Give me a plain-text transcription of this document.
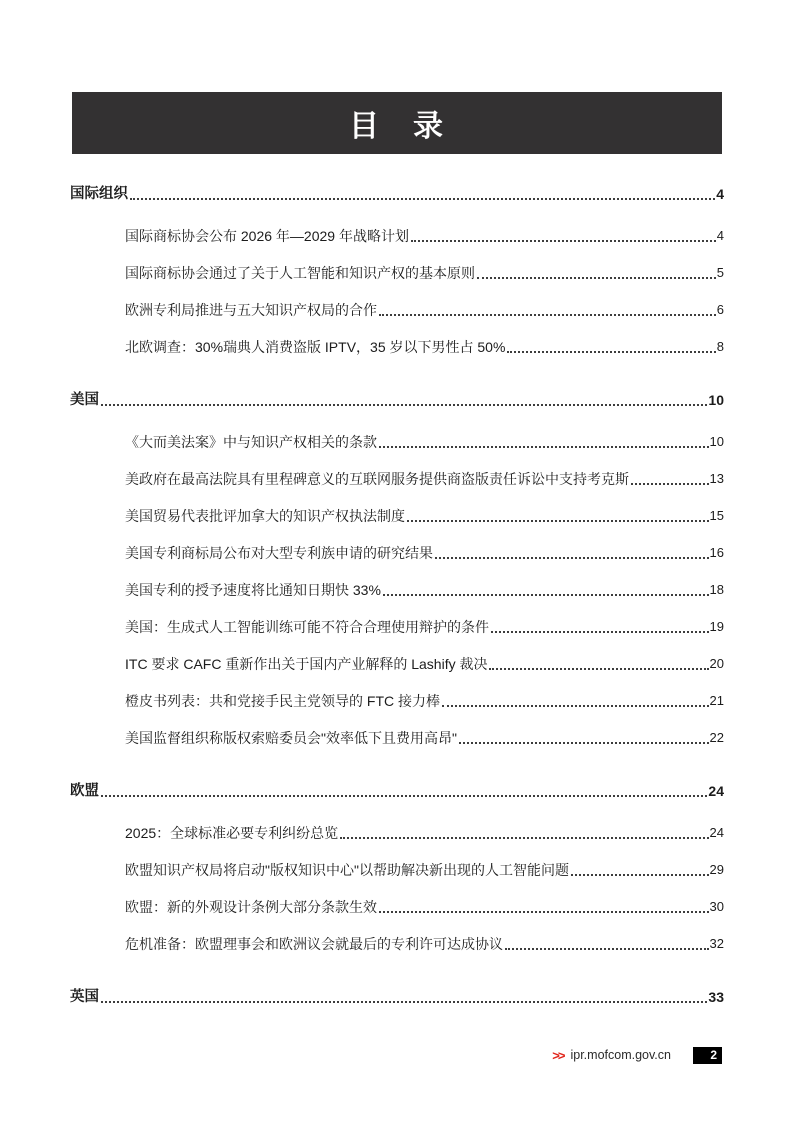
目　录
国际组织	4
国际商标协会公布 2026 年—2029 年战略计划	4
国际商标协会通过了关于人工智能和知识产权的基本原则	5
欧洲专利局推进与五大知识产权局的合作	6
北欧调查：30%瑞典人消费盗版 IPTV，35 岁以下男性占 50%	8
美国	10
《大而美法案》中与知识产权相关的条款	10
美政府在最高法院具有里程碑意义的互联网服务提供商盗版责任诉讼中支持考克斯	13
美国贸易代表批评加拿大的知识产权执法制度	15
美国专利商标局公布对大型专利族申请的研究结果	16
美国专利的授予速度将比通知日期快 33%	18
美国：生成式人工智能训练可能不符合合理使用辩护的条件	19
ITC 要求 CAFC 重新作出关于国内产业解释的 Lashify 裁决	20
橙皮书列表：共和党接手民主党领导的 FTC 接力棒	21
美国监督组织称版权索赔委员会"效率低下且费用高昂"	22
欧盟	24
2025：全球标准必要专利纠纷总览	24
欧盟知识产权局将启动"版权知识中心"以帮助解决新出现的人工智能问题	29
欧盟：新的外观设计条例大部分条款生效	30
危机准备：欧盟理事会和欧洲议会就最后的专利许可达成协议	32
英国	33
>> ipr.mofcom.gov.cn	2
